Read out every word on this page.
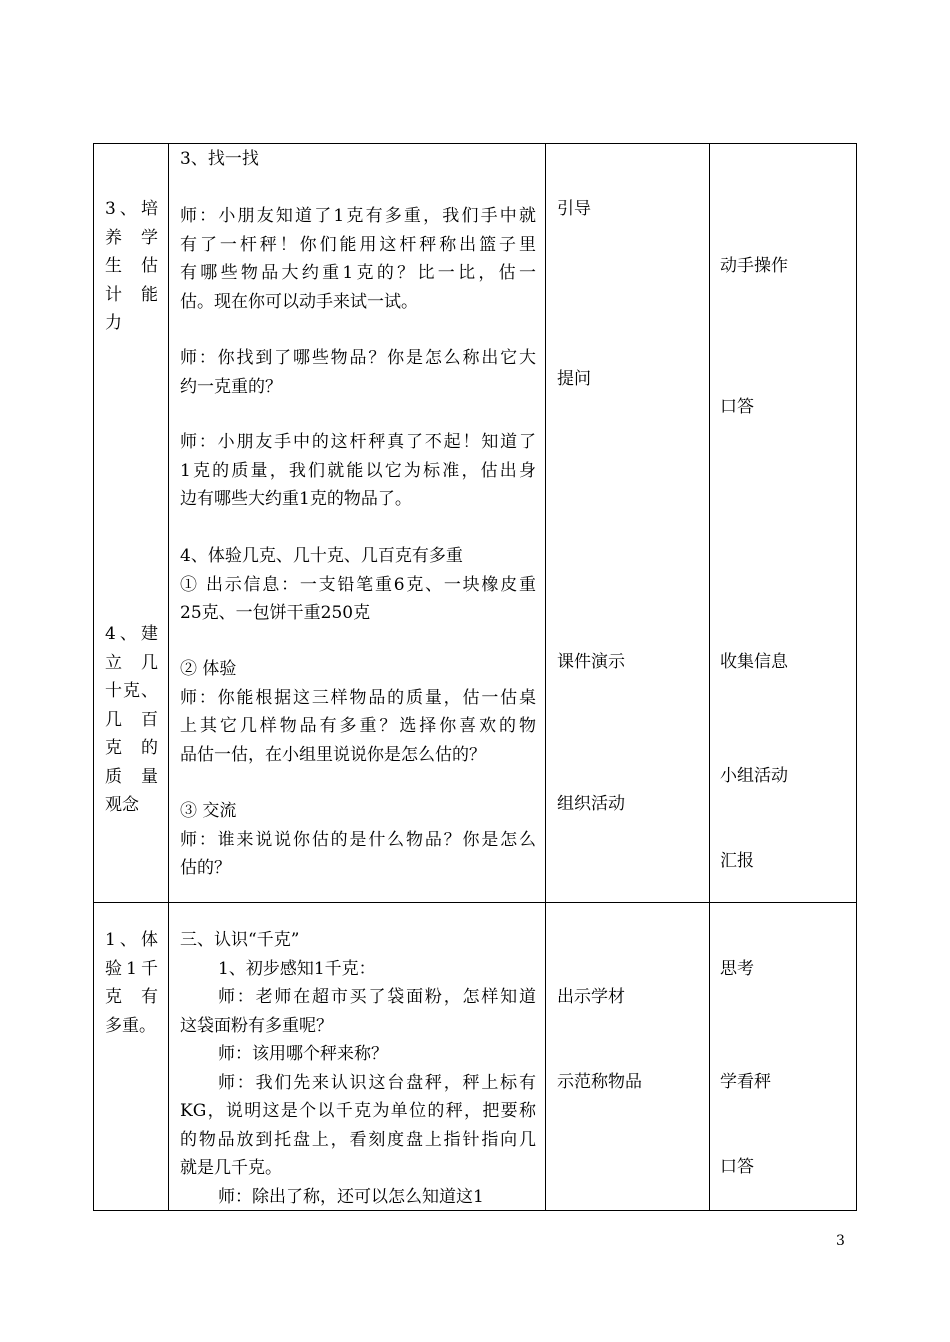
3、培
养学
生估
计能
力
4、建
立几
十克、
几百
克的
质量
观念
3、找一找
师：小朋友知道了1克有多重，我们手中就
有了一杆秤！你们能用这杆秤称出篮子里
有哪些物品大约重1克的？比一比，估一
估。现在你可以动手来试一试。
师：你找到了哪些物品？你是怎么称出它大
约一克重的？
师：小朋友手中的这杆秤真了不起！知道了
1克的质量，我们就能以它为标准，估出身
边有哪些大约重1克的物品了。
4、体验几克、几十克、几百克有多重
① 出示信息：一支铅笔重6克、一块橡皮重
25克、一包饼干重250克
② 体验
师：你能根据这三样物品的质量，估一估桌
上其它几样物品有多重？选择你喜欢的物
品估一估，在小组里说说你是怎么估的？
③ 交流
师：谁来说说你估的是什么物品？你是怎么
估的？
引导
提问
课件演示
组织活动
动手操作
口答
收集信息
小组活动
汇报
1、体
验1千
克有
多重。
三、认识“千克”
1、初步感知1千克：
师：老师在超市买了袋面粉，怎样知道
这袋面粉有多重呢？
师：该用哪个秤来称？
师：我们先来认识这台盘秤，秤上标有
KG，说明这是个以千克为单位的秤，把要称
的物品放到托盘上，看刻度盘上指针指向几
就是几千克。
师：除出了称，还可以怎么知道这1
出示学材
示范称物品
思考
学看秤
口答
3
